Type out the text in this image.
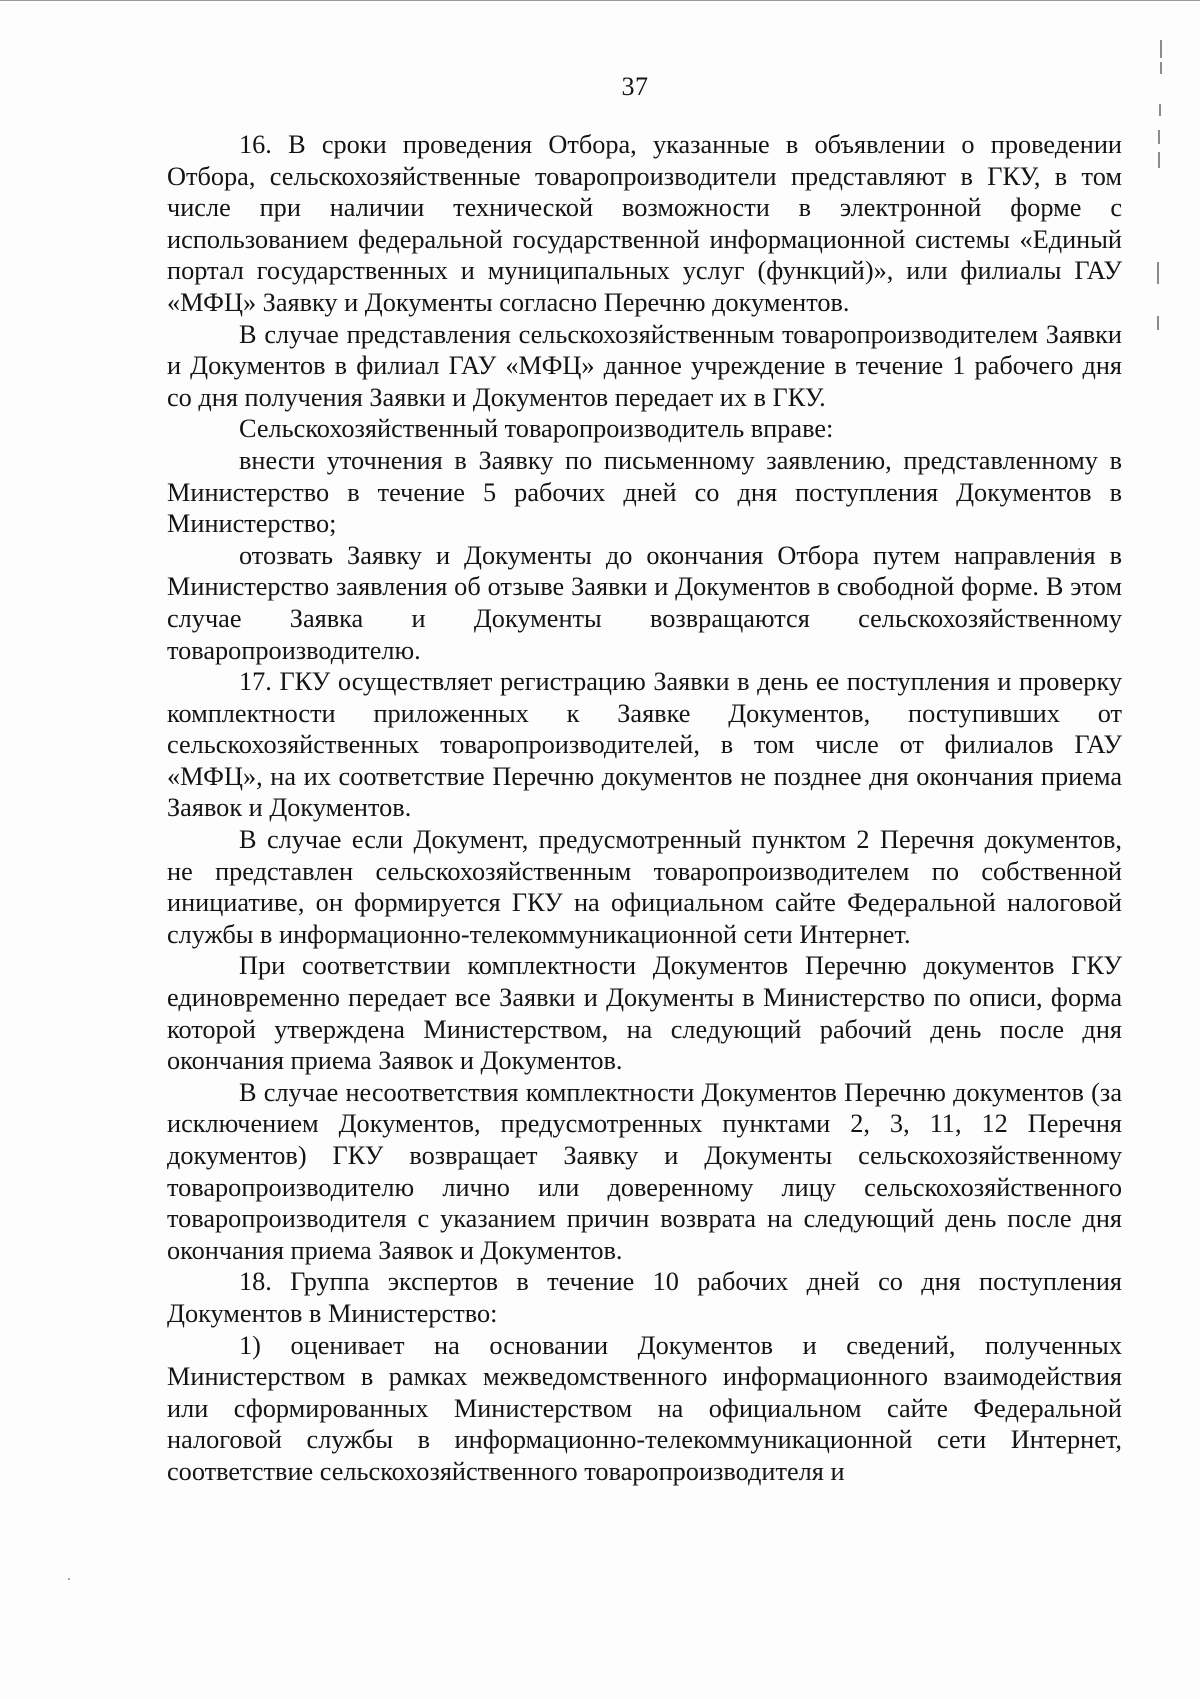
37

16. В сроки проведения Отбора, указанные в объявлении о проведении Отбора, сельскохозяйственные товаропроизводители представляют в ГКУ, в том числе при наличии технической возможности в электронной форме с использованием федеральной государственной информационной системы «Единый портал государственных и муниципальных услуг (функций)», или филиалы ГАУ «МФЦ» Заявку и Документы согласно Перечню документов.

В случае представления сельскохозяйственным товаропроизводителем Заявки и Документов в филиал ГАУ «МФЦ» данное учреждение в течение 1 рабочего дня со дня получения Заявки и Документов передает их в ГКУ.

Сельскохозяйственный товаропроизводитель вправе:

внести уточнения в Заявку по письменному заявлению, представленному в Министерство в течение 5 рабочих дней со дня поступления Документов в Министерство;

отозвать Заявку и Документы до окончания Отбора путем направления в Министерство заявления об отзыве Заявки и Документов в свободной форме. В этом случае Заявка и Документы возвращаются сельскохозяйственному товаропроизводителю.

17. ГКУ осуществляет регистрацию Заявки в день ее поступления и проверку комплектности приложенных к Заявке Документов, поступивших от сельскохозяйственных товаропроизводителей, в том числе от филиалов ГАУ «МФЦ», на их соответствие Перечню документов не позднее дня окончания приема Заявок и Документов.

В случае если Документ, предусмотренный пунктом 2 Перечня документов, не представлен сельскохозяйственным товаропроизводителем по собственной инициативе, он формируется ГКУ на официальном сайте Федеральной налоговой службы в информационно-телекоммуникационной сети Интернет.

При соответствии комплектности Документов Перечню документов ГКУ единовременно передает все Заявки и Документы в Министерство по описи, форма которой утверждена Министерством, на следующий рабочий день после дня окончания приема Заявок и Документов.

В случае несоответствия комплектности Документов Перечню документов (за исключением Документов, предусмотренных пунктами 2, 3, 11, 12 Перечня документов) ГКУ возвращает Заявку и Документы сельскохозяйственному товаропроизводителю лично или доверенному лицу сельскохозяйственного товаропроизводителя с указанием причин возврата на следующий день после дня окончания приема Заявок и Документов.

18. Группа экспертов в течение 10 рабочих дней со дня поступления Документов в Министерство:

1) оценивает на основании Документов и сведений, полученных Министерством в рамках межведомственного информационного взаимодействия или сформированных Министерством на официальном сайте Федеральной налоговой службы в информационно-телекоммуникационной сети Интернет, соответствие сельскохозяйственного товаропроизводителя и
